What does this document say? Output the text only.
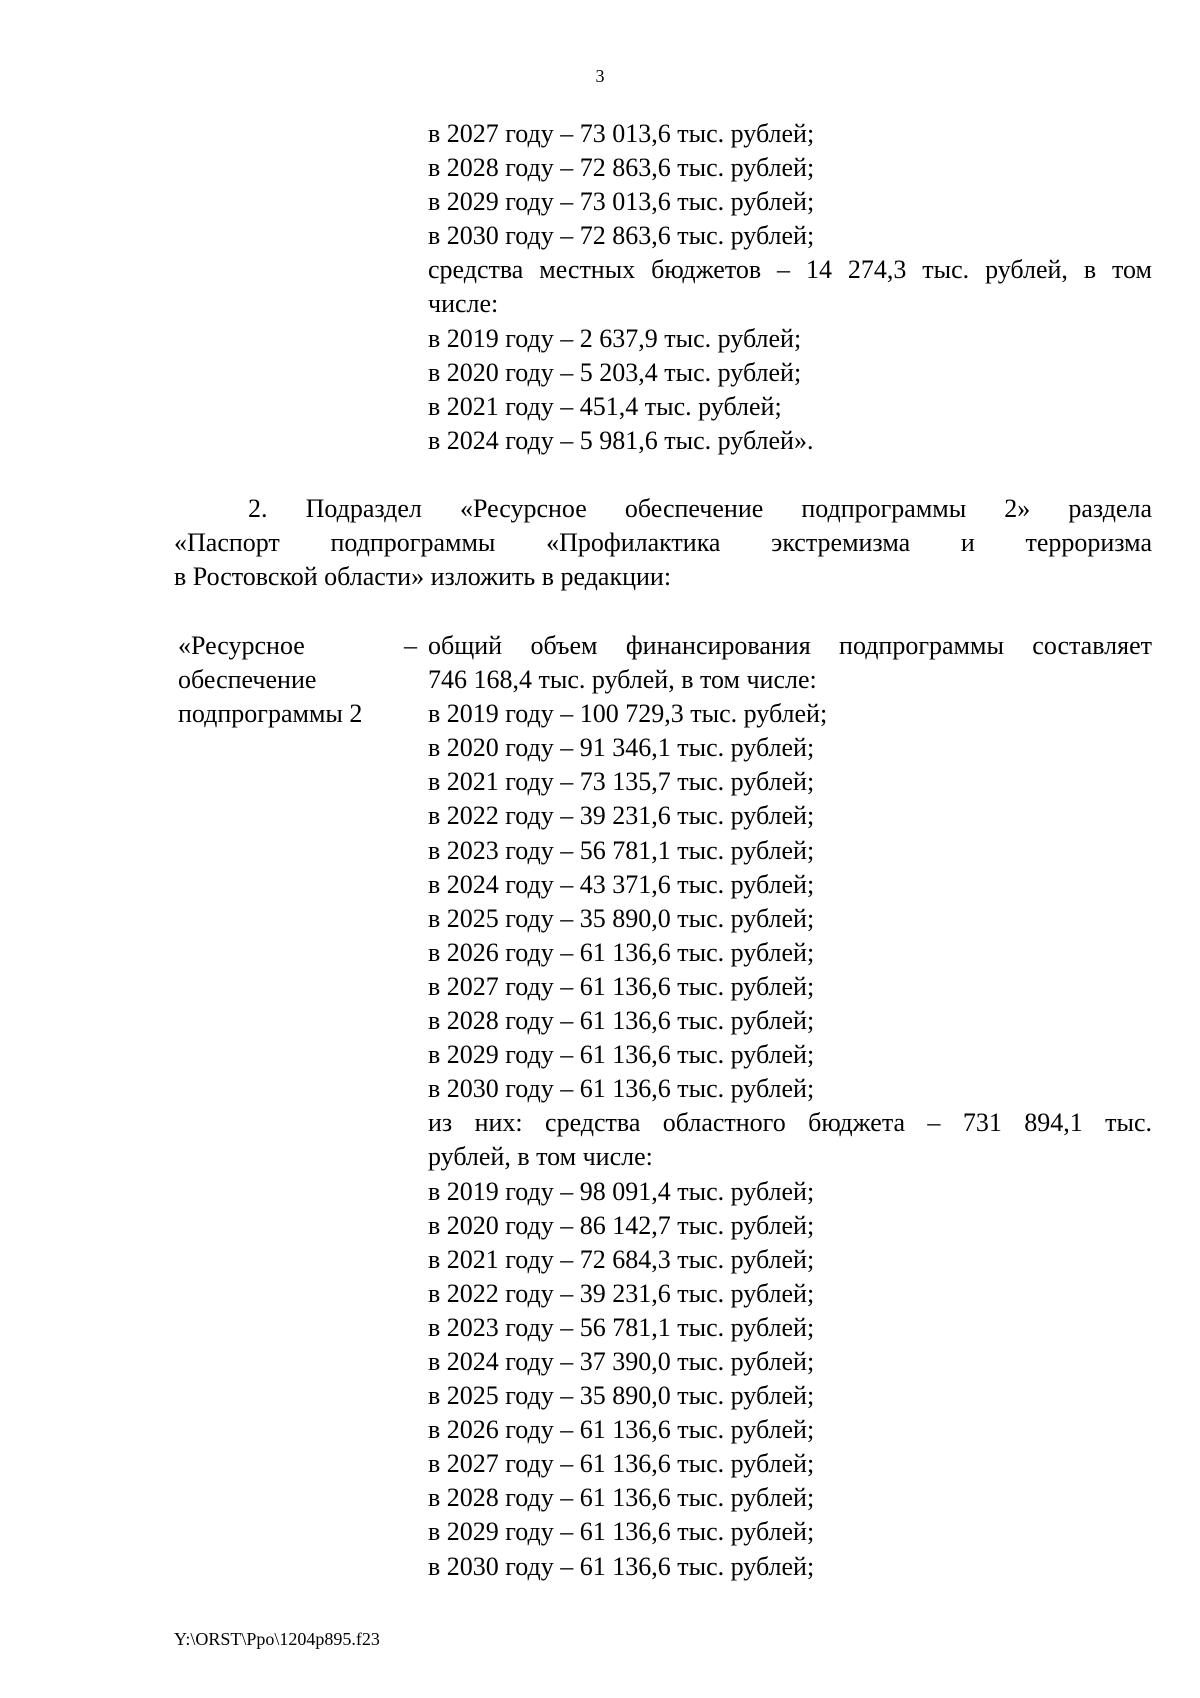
3
в 2027 году – 73 013,6 тыс. рублей;
в 2028 году – 72 863,6 тыс. рублей;
в 2029 году – 73 013,6 тыс. рублей;
в 2030 году – 72 863,6 тыс. рублей;
средства местных бюджетов – 14 274,3 тыс. рублей, в том
числе:
в 2019 году – 2 637,9 тыс. рублей;
в 2020 году – 5 203,4 тыс. рублей;
в 2021 году – 451,4 тыс. рублей;
в 2024 году – 5 981,6 тыс. рублей».
2. Подраздел «Ресурсное обеспечение подпрограммы 2» раздела
«Паспорт подпрограммы «Профилактика экстремизма и терроризма
в Ростовской области» изложить в редакции:
«Ресурсное
обеспечение
подпрограммы 2
– общий объем финансирования подпрограммы составляет
746 168,4 тыс. рублей, в том числе:
в 2019 году – 100 729,3 тыс. рублей;
в 2020 году – 91 346,1 тыс. рублей;
в 2021 году – 73 135,7 тыс. рублей;
в 2022 году – 39 231,6 тыс. рублей;
в 2023 году – 56 781,1 тыс. рублей;
в 2024 году – 43 371,6 тыс. рублей;
в 2025 году – 35 890,0 тыс. рублей;
в 2026 году – 61 136,6 тыс. рублей;
в 2027 году – 61 136,6 тыс. рублей;
в 2028 году – 61 136,6 тыс. рублей;
в 2029 году – 61 136,6 тыс. рублей;
в 2030 году – 61 136,6 тыс. рублей;
из них: средства областного бюджета – 731 894,1 тыс.
рублей, в том числе:
в 2019 году – 98 091,4 тыс. рублей;
в 2020 году – 86 142,7 тыс. рублей;
в 2021 году – 72 684,3 тыс. рублей;
в 2022 году – 39 231,6 тыс. рублей;
в 2023 году – 56 781,1 тыс. рублей;
в 2024 году – 37 390,0 тыс. рублей;
в 2025 году – 35 890,0 тыс. рублей;
в 2026 году – 61 136,6 тыс. рублей;
в 2027 году – 61 136,6 тыс. рублей;
в 2028 году – 61 136,6 тыс. рублей;
в 2029 году – 61 136,6 тыс. рублей;
в 2030 году – 61 136,6 тыс. рублей;
Y:\ORST\Ppo\1204p895.f23
